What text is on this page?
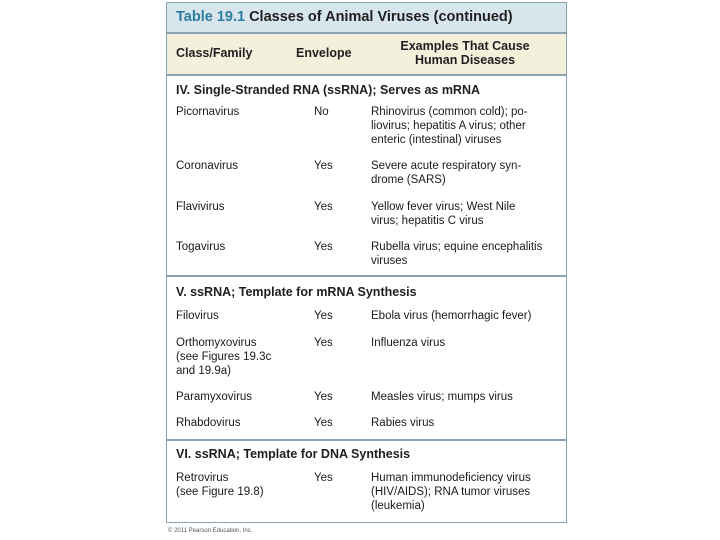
Table 19.1 Classes of Animal Viruses (continued)
Class/Family	Envelope	Examples That Cause
Human Diseases
IV. Single-Stranded RNA (ssRNA); Serves as mRNA
Picornavirus	No	Rhinovirus (common cold); po-
liovirus; hepatitis A virus; other
enteric (intestinal) viruses
Coronavirus	Yes	Severe acute respiratory syn-
drome (SARS)
Flavivirus	Yes	Yellow fever virus; West Nile
virus; hepatitis C virus
Togavirus	Yes	Rubella virus; equine encephalitis
viruses
V. ssRNA; Template for mRNA Synthesis
Filovirus	Yes	Ebola virus (hemorrhagic fever)
Orthomyxovirus
(see Figures 19.3c
and 19.9a)
Yes	Influenza virus
Paramyxovirus	Yes	Measles virus; mumps virus
Rhabdovirus	Yes	Rabies virus
VI. ssRNA; Template for DNA Synthesis
Retrovirus
(see Figure 19.8)
Yes	Human immunodeficiency virus
(HIV/AIDS); RNA tumor viruses
(leukemia)
© 2011 Pearson Education, Inc.
